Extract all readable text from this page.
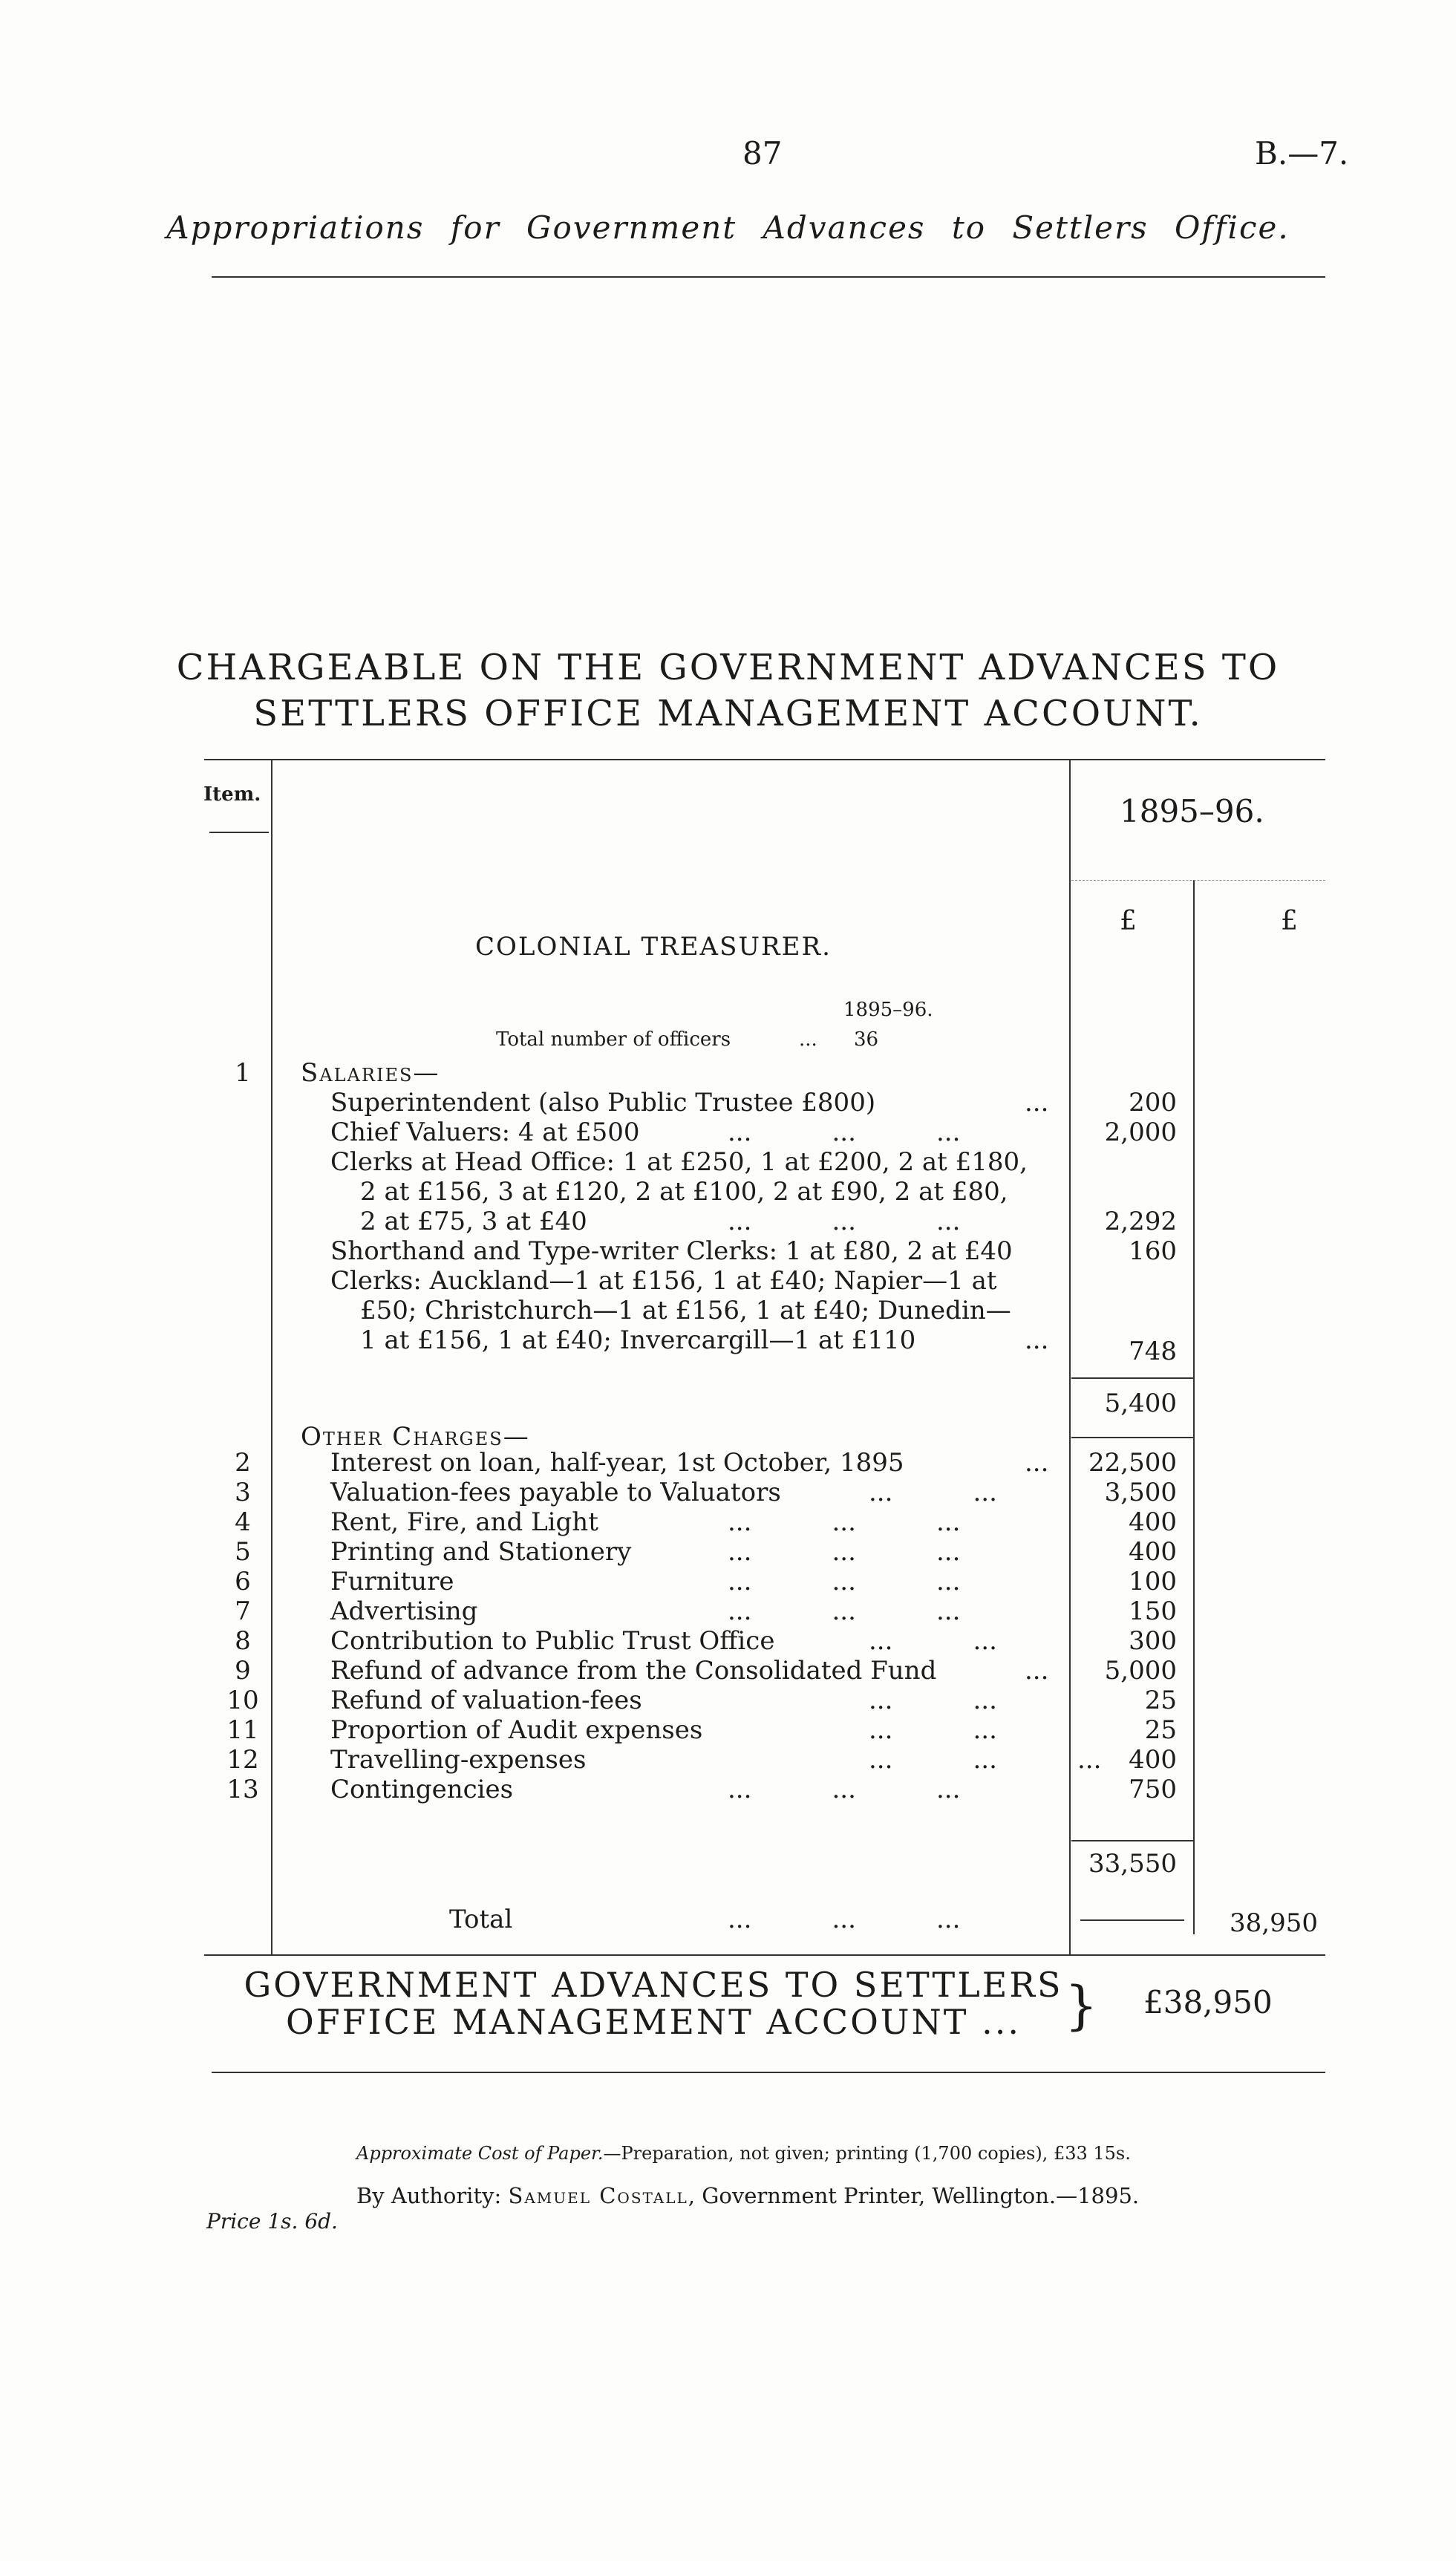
87	B.—7.
Appropriations for Government Advances to Settlers Office.
CHARGEABLE ON THE GOVERNMENT ADVANCES TO
SETTLERS OFFICE MANAGEMENT ACCOUNT.
Item.	1895–96.
£	£
COLONIAL TREASURER.
1895–96.
Total number of officers	... 36
1	Salaries—
Superintendent (also Public Trustee £800)	...	200
Chief Valuers: 4 at £500	...          ...          ...	2,000
Clerks at Head Office: 1 at £250, 1 at £200, 2 at £180,
2 at £156, 3 at £120, 2 at £100, 2 at £90, 2 at £80,
2 at £75, 3 at £40	...          ...          ...	2,292
Shorthand and Type-writer Clerks: 1 at £80, 2 at £40	160
Clerks: Auckland—1 at £156, 1 at £40; Napier—1 at
£50; Christchurch—1 at £156, 1 at £40; Dunedin—
1 at £156, 1 at £40; Invercargill—1 at £110	...	748
5,400
Other Charges—
2	Interest on loan, half-year, 1st October, 1895	...	22,500
3	Valuation-fees payable to Valuators	...          ...	3,500
4	Rent, Fire, and Light	...          ...          ...	400
5	Printing and Stationery	...          ...          ...	400
6	Furniture	...          ...          ...	100
7	Advertising	...          ...          ...	150
8	Contribution to Public Trust Office	...          ...	300
9	Refund of advance from the Consolidated Fund	...	5,000
10	Refund of valuation-fees	...          ...	25
11	Proportion of Audit expenses	...          ...	25
12	Travelling-expenses	...          ...          ...	400
13	Contingencies	...          ...          ...	750
33,550
Total	...          ...          ...	38,950
GOVERNMENT ADVANCES TO SETTLERS
OFFICE MANAGEMENT ACCOUNT ... } £38,950
Approximate Cost of Paper.—Preparation, not given; printing (1,700 copies), £33 15s.
By Authority: Samuel Costall, Government Printer, Wellington.—1895.
Price 1s. 6d.
